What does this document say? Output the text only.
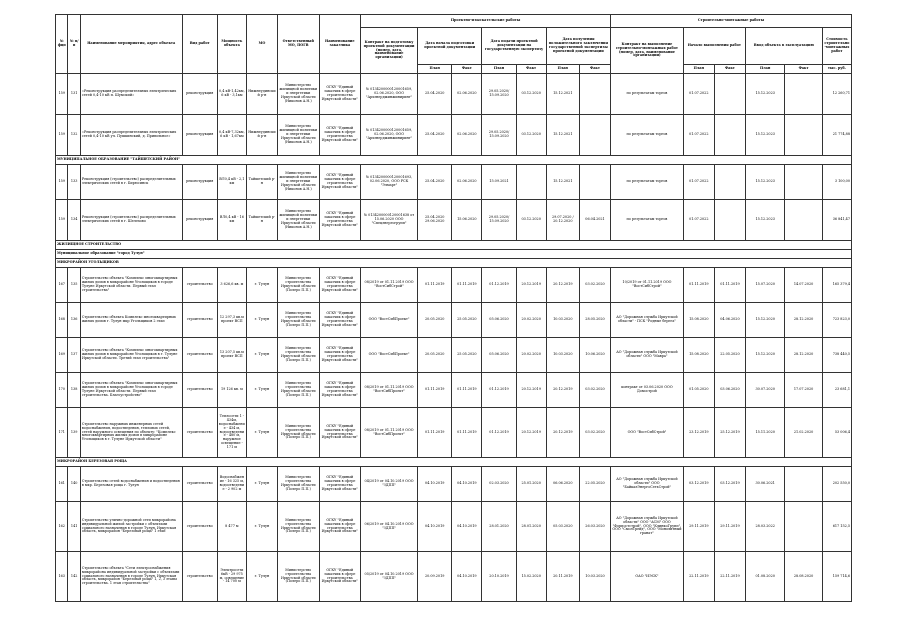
№ фцп	№ п/п	Наименование мероприятия, адрес объекта	Вид работ	Мощность объекта	МО	Ответственный МО, ПОГВ	Наименование заказчика	Проектно-изыскательские работы							Строительно-монтажные работы					
								Контракт на подготовку проектной документации (номер, дата, наименование организации)	Дата начала подготовки проектной документации		Дата подачи проектной документации на государственную экспертизу		Дата получения положительного заключения государственной экспертизы проектной документации		Контракт на выполнение строительно-монтажных работ (номер, дата, наименование организации)	Начало выполнения работ		Ввод объекта в эксплуатацию		Стоимость строительно-монтажных работ
									План	Факт	План	Факт	План	Факт		План	Факт	План	Факт	тыс. руб.
159	131	«Реконструкция распределительных электрических сетей 0,4-10 кВ п. Шумский»	реконструкция	0,4 кВ-1,42км, 6 кВ - 3,1км	Нижнеудинский р-н	Министерство жилищной политики и энергетики Иркутской области (Никонов А.Н.)	ОГКУ "Единый заказчик в сфере строительства Иркутской области"	№ 0134200000120001659, 02.06.2020, ООО "Архэнерджинжиниринг"	25.04.2020	02.06.2020	29.05.2020/ 15.09.2020	03.12.2020	15.12.2021		по результатам торгов	01.07.2022		15.12.2023		12 260,71
159	132	«Реконструкция распределительных электрических сетей 0,4-10 кВ уч. Пушкинский, д. Привольное»	реконструкция	0,4 кВ-7,32км, 6 кВ - 1,67км	Нижнеудинский р-н	Министерство жилищной политики и энергетики Иркутской области (Никонов А.Н.)	ОГКУ "Единый заказчик в сфере строительства Иркутской области"	№ 0134200000120001659, 02.06.2020, ООО "Архэнерджинжиниринг"	25.04.2020	02.06.2020	29.05.2020/ 15.09.2020	03.12.2020	15.12.2021		по результатам торгов	01.07.2022		15.12.2023		21 774,88
МУНИЦИПАЛЬНОЕ ОБРАЗОВАНИЕ "ТАЙШЕТСКИЙ РАЙОН"																				
159	133	Реконструкция (строительство) распределительных электрических сетей в г. Бирюсинск	реконструкция	ВЛ0,4 кВ - 2,1 км	Тайшетский р-н	Министерство жилищной политики и энергетики Иркутской области (Никонов А.Н.)	ОГКУ "Единый заказчик в сфере строительства Иркутской области"	№ 0134200000120001693, 02.06.2020, ООО РСК "Элмарт"	25.04.2020	02.06.2020	15.09.2021		15.12.2021		по результатам торгов	01.07.2022		15.12.2023		3 100,00
159	134	Реконструкция (строительство) распределительных электрических сетей в г. Шелехово	реконструкция	ВЛ0,4 кВ - 16 км	Тайшетский р-н	Министерство жилищной политики и энергетики Иркутской области (Никонов А.Н.)	ОГКУ "Единый заказчик в сфере строительства Иркутской области"	№ 0134200000120001638 от 15.06.2020 ООО "Спецэнергогрупп"	25.04.2020 29.06.2020	15.06.2020	29.05.2020/ 15.09.2020	03.12.2020	29.07.2020 / 20.12.2020	06.04.2021	по результатам торгов	01.07.2022		15.12.2023		36 841,47
ЖИЛИЩНОЕ СТРОИТЕЛЬСТВО																				
Муниципальное образование "город Тулун"																				
МИКРОРАЙОН УГОЛЬЩИКОВ																				
167	135	Строительство объекта "Комплекс многоквартирных жилых домов в микрорайоне Угольщиков в городе Тулуне Иркутской области. Первый этап строительства"	строительство	3 626,6 кв. м	г. Тулун	Министерство строительства Иркутской области (Полеро П.П.)	ОГКУ "Единый заказчик в сфере строительства Иркутской области"	08/2019 от 01.11.2019 ООО "ВостСибСтрой"	01.11.2019	01.11.2019	01.12.2019	20.12.2019	20.12.2019	03.02.2020	10/2019 от 01.11.2019 ООО "ВостСибСтрой"	01.11.2019	01.11.2019	15.07.2020	14.07.2020	165 379,4
168	136	Строительство объекта Комплекс многоквартирных жилых домов г. Тулун мкр Угольщиков 2 этап	строительство	12 297,3 кв.м проект ВСП	г. Тулун	Министерство строительства Иркутской области (Полеро П.П.)	ОГКУ "Единый заказчик в сфере строительства Иркутской области"	ООО "ВостСибПроект"	20.05.2020	25.05.2020	05.06.2020	20.02.2020	10.03.2020	28.05.2020	АО "Дорожная служба Иркутской области" - ПСК "Родные берега"	15.08.2020	04.06.2020	15.12.2020	28.12.2020	723 823,0
169	137	Строительство объекта "Комплекс многоквартирных жилых домов в микрорайоне Угольщиков в г. Тулуне Иркутской области. Третий этап строительства"	строительство	13 207,5 кв.м проект ВСП	г. Тулун	Министерство строительства Иркутской области (Полеро П.П.)	ОГКУ "Единый заказчик в сфере строительства Иркутской области"	ООО "ВостСибПроект"	20.05.2020	25.05.2020	05.06.2020	20.02.2020	10.03.2020	10.06.2020	АО "Дорожная служба Иркутской области" ООО "Мавра"	15.08.2020	22.05.2020	15.12.2020	28.12.2020	738 440,5
170	138	Строительство объекта "Комплекс многоквартирных жилых домов в микрорайоне Угольщиков в городе Тулуне Иркутской области. Первый этап строительства. Благоустройство"	строительство	19 126 кв. м	г. Тулун	Министерство строительства Иркутской области (Полеро П.П.)	ОГКУ "Единый заказчик в сфере строительства Иркутской области"	08/2019 от 01.11.2019 ООО "ВостСибПроект"	01.11.2019	01.11.2019	01.12.2019	20.12.2019	20.12.2019	03.02.2020	контракт от 03.06.2020 ООО Домострой	01.05.2020	03.06.2020	30.07.2020	17.07.2020	23 681,1
171	139	Строительство наружных инженерных сетей водоснабжения, водоотведения, тепловых сетей, сетей наружного освещения по объекту: "Комплекс многоквартирных жилых домов в микрорайоне Угольщиков в г. Тулуне Иркутской области"	строительство	Теплосети 1 - 434м, водоснабжение - 434 м, водоотведение - 480 м, наружное освещение - 171 м	г. Тулун	Министерство строительства Иркутской области (Полеро П.П.)	ОГКУ "Единый заказчик в сфере строительства Иркутской области"	08/2019 от 01.11.2019 ООО "ВостСибПроект"	01.11.2019	01.11.2019	01.12.2019	20.12.2019	20.12.2019	03.02.2020	ООО "ВостСибСтрой"	23.12.2019	25.12.2019	15.11.2020	21.02.2020	53 006,4
МИКРОРАЙОН БЕРЕЗОВАЯ РОЩА																				
161	140	Строительство сетей водоснабжения и водоотведения в мкр. Березовая роща г. Тулун	строительство	Водоснабжение - 16 325 м, водоотведение - 2 902 м	г. Тулун	Министерство строительства Иркутской области (Полеро П.П.)	ОГКУ "Единый заказчик в сфере строительства Иркутской области"	04/2019 от 04.10.2019 ООО "ЗДПП"	04.10.2019	04.10.2019	02.03.2020	25.01.2020	06.06.2020	22.05.2020	АО "Дорожная служба Иркутской области" ООО "БайкалЭнергоСетьСтрой"	03.12.2019	03.12.2019	30.06.2021		202 550,0
162	141	Строительство улично-дорожной сети микрорайона индивидуальной жилой застройки с объектами социального назначения в городе Тулун, Иркутская область, микрорайон "Березовая роща" 1 этап	строительство	8 477 м	г. Тулун	Министерство строительства Иркутской области (Полеро П.П.)	ОГКУ "Единый заказчик в сфере строительства Иркутской области"	06/2019 от 04.10.2019 ООО "ЗДПП"	04.10.2019	04.10.2019	28.01.2020	28.01.2020	05.03.2020	26.03.2020	АО "Дорожная служба Иркутской области" ООО "АСМ" ООО "Форпостстрой", ООО "КлинкоГрупп", ООО "СмолТрейд", ООО "Монолитный гранат"	29.11.2019	29.11.2019	28.03.2022		617 152,5
163	142	Строительство объекта "Сети электроснабжения микрорайона индивидуальной застройки с объектами социального назначения в городе Тулун, Иркутская область, микрорайон "Березовая роща" 1, 2, 3 этапы строительства. 1 этап строительства"	строительство	Электросети 6кВ - 29 975 м, освещение - 14 700 м	г. Тулун	Министерство строительства Иркутской области (Полеро П.П.)	ОГКУ "Единый заказчик в сфере строительства Иркутской области"	05/2019 от 04.10.2019 ООО "ЗДПП"	20.09.2019	04.10.2019	20.10.2019	15.02.2020	20.11.2019	10.03.2020	ОАО "ИЭСК"	22.11.2019	22.11.2019	01.08.2020	28.08.2020	159 714,6
